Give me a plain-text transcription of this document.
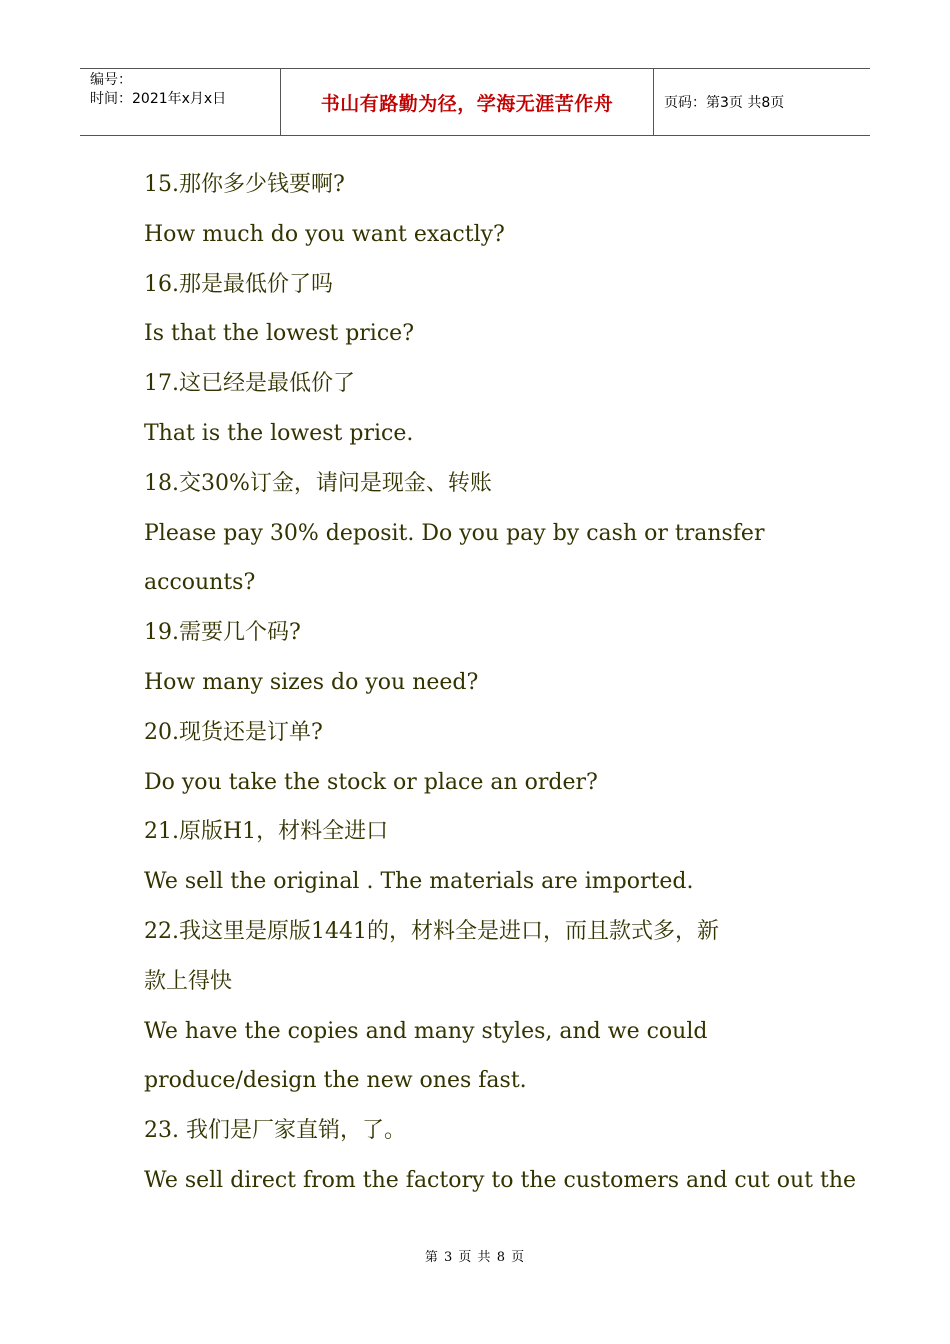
编号：
时间：2021年x月x日	书山有路勤为径，学海无涯苦作舟	页码：第3页 共8页
15.那你多少钱要啊?
How much do you want exactly?
16.那是最低价了吗
Is that the lowest price?
17.这已经是最低价了
That is the lowest price.
18.交30%订金，请问是现金、转账
Please pay 30% deposit. Do you pay by cash or transfer
accounts?
19.需要几个码?
How many sizes do you need?
20.现货还是订单?
Do you take the stock or place an order?
21.原版H1，材料全进口
We sell the original . The materials are imported.
22.我这里是原版1441的，材料全是进口，而且款式多，新
款上得快
We have the copies and many styles, and we could
produce/design the new ones fast.
23. 我们是厂家直销，了。
We sell direct from the factory to the customers and cut out the
第 3 页 共 8 页
